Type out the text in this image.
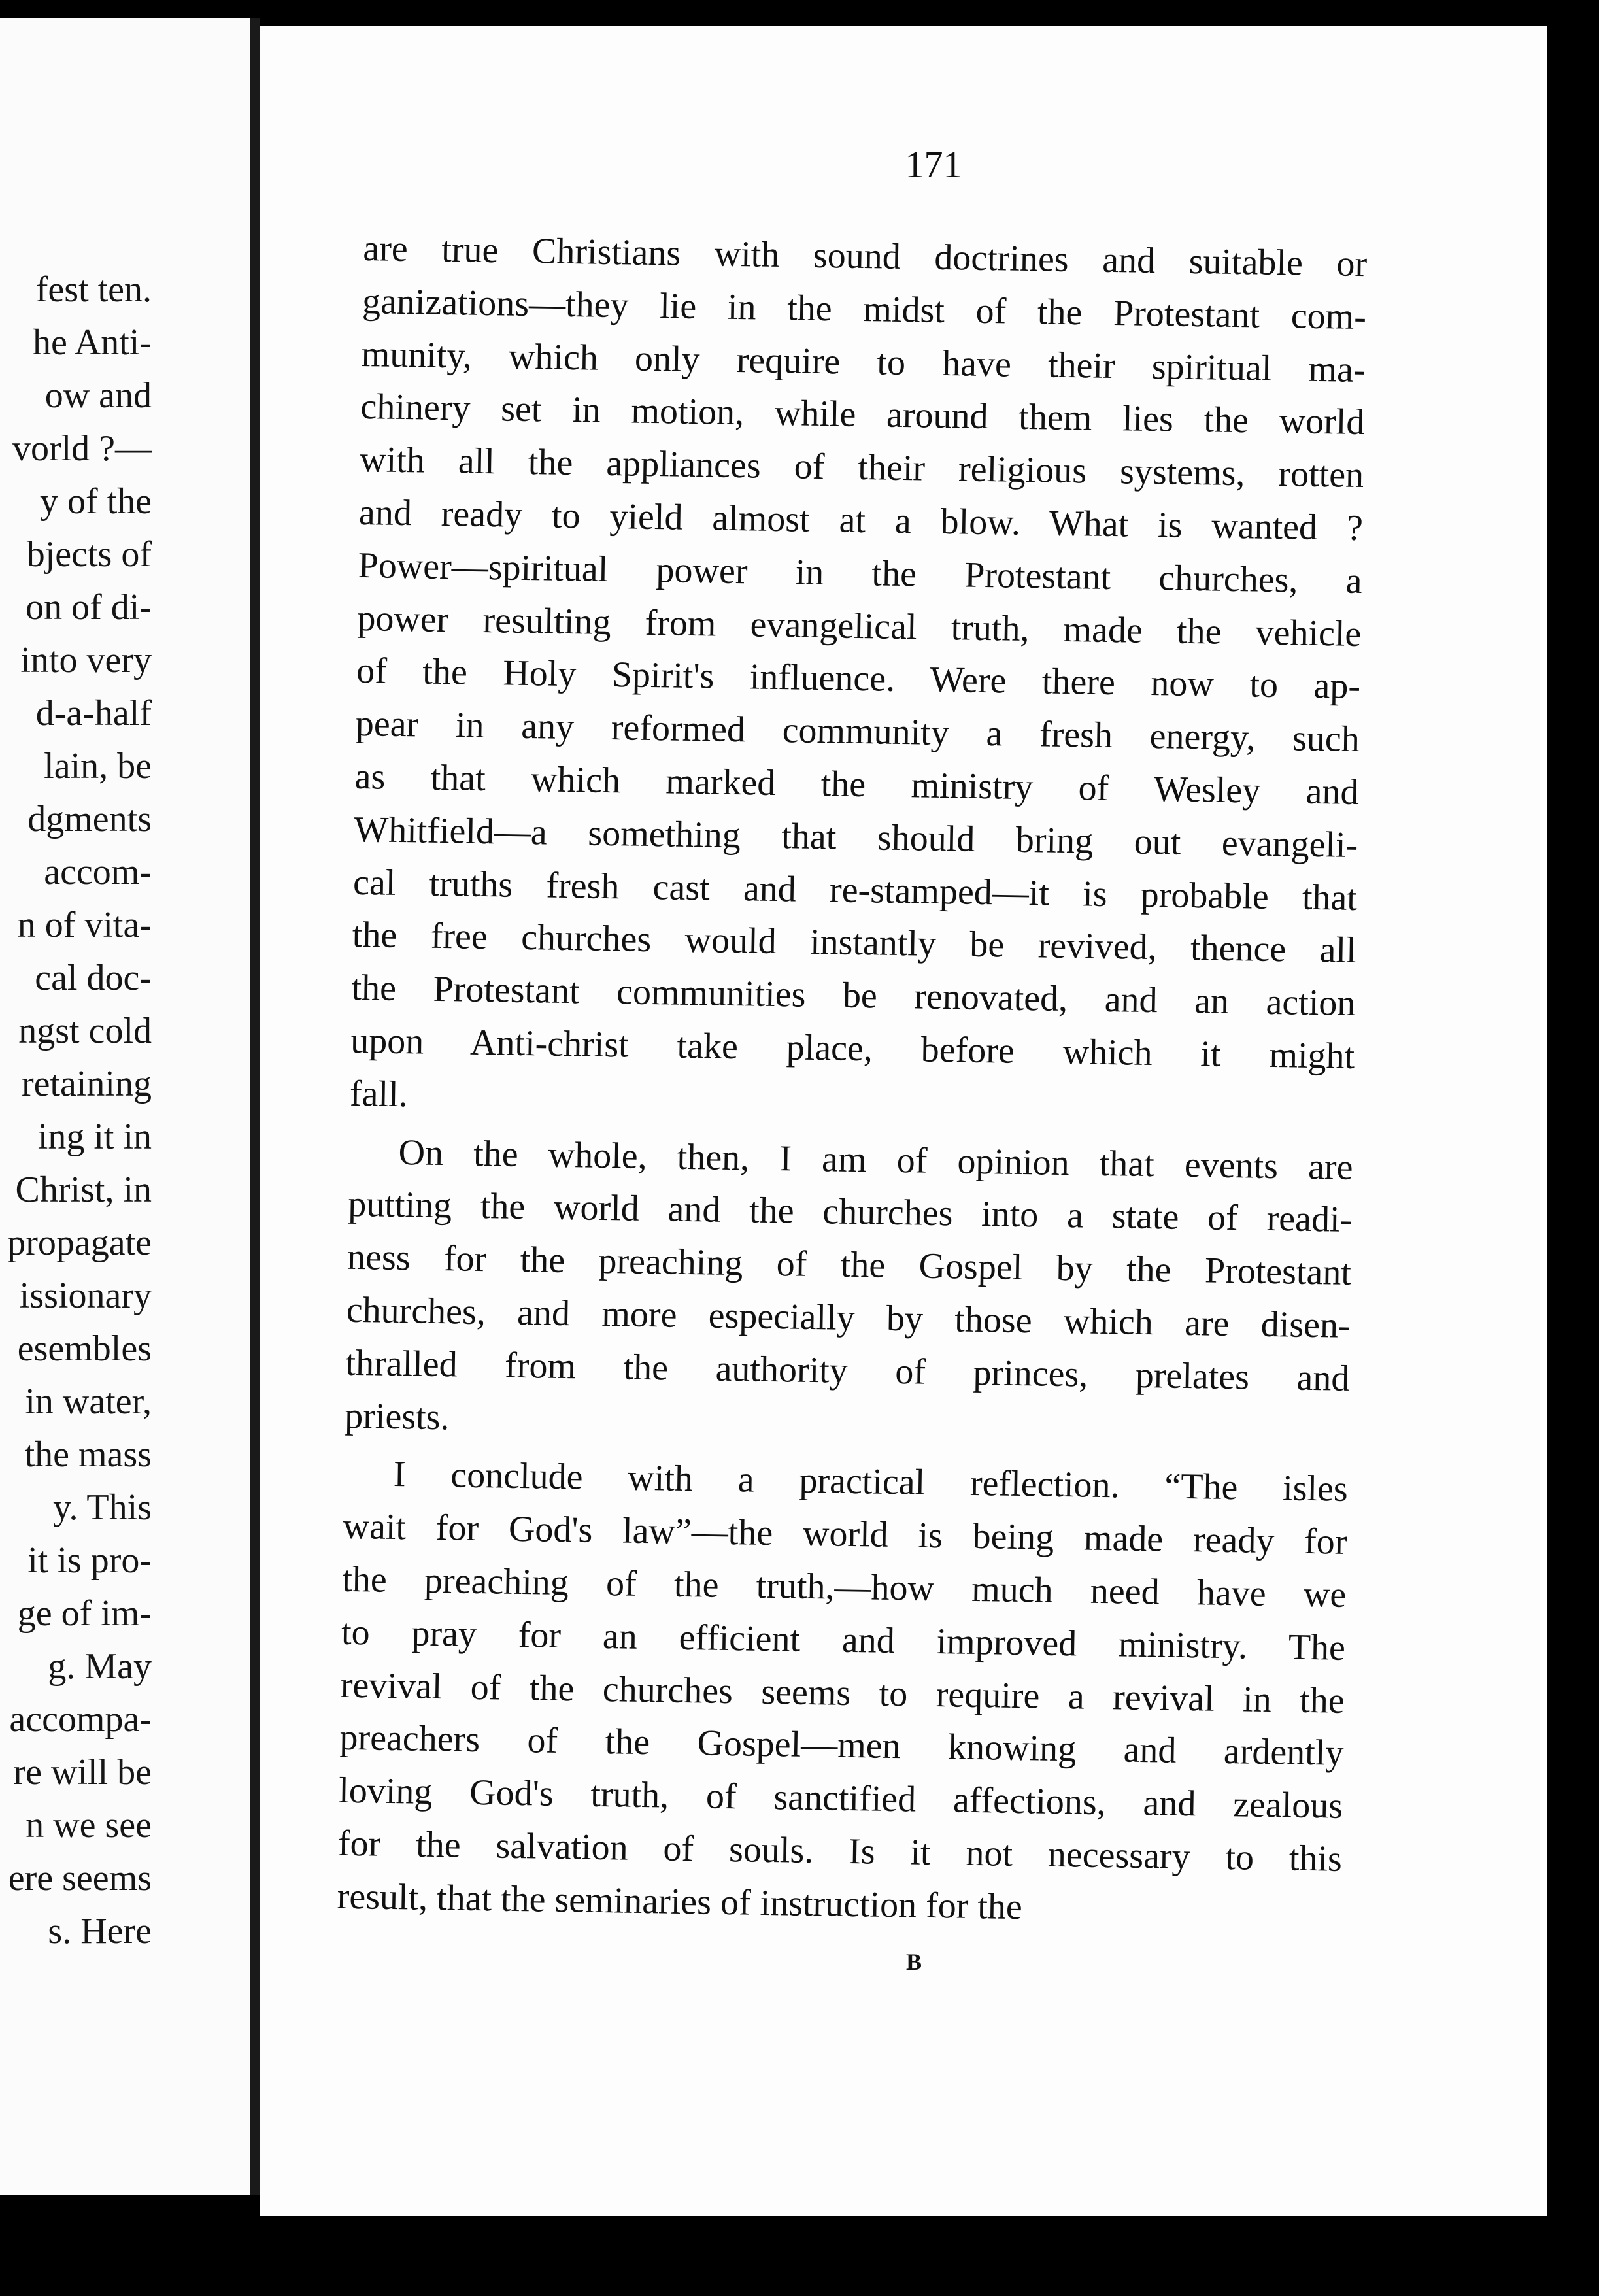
fest ten.
he Anti-
ow and
vorld ?—
y of the
bjects of
on of di-
into very
d-a-half
lain, be
dgments
accom-
n of vita-
cal doc-
ngst cold
retaining
ing it in
Christ, in
propagate
issionary
esembles
in water,
the mass
y. This
it is pro-
ge of im-
g. May
accompa-
re will be
n we see
ere seems
s. Here
171
are true Christians with sound doctrines and suitable or
ganizations—they lie in the midst of the Protestant com-
munity, which only require to have their spiritual ma-
chinery set in motion, while around them lies the world
with all the appliances of their religious systems, rotten
and ready to yield almost at a blow. What is wanted ?
Power—spiritual power in the Protestant churches, a
power resulting from evangelical truth, made the vehicle
of the Holy Spirit's influence. Were there now to ap-
pear in any reformed community a fresh energy, such
as that which marked the ministry of Wesley and
Whitfield—a something that should bring out evangeli-
cal truths fresh cast and re-stamped—it is probable that
the free churches would instantly be revived, thence all
the Protestant communities be renovated, and an action
upon Anti-christ take place, before which it might
fall.
On the whole, then, I am of opinion that events are
putting the world and the churches into a state of readi-
ness for the preaching of the Gospel by the Protestant
churches, and more especially by those which are disen-
thralled from the authority of princes, prelates and
priests.
I conclude with a practical reflection. “The isles
wait for God's law”—the world is being made ready for
the preaching of the truth,—how much need have we
to pray for an efficient and improved ministry. The
revival of the churches seems to require a revival in the
preachers of the Gospel—men knowing and ardently
loving God's truth, of sanctified affections, and zealous
for the salvation of souls. Is it not necessary to this
result, that the seminaries of instruction for the
B
